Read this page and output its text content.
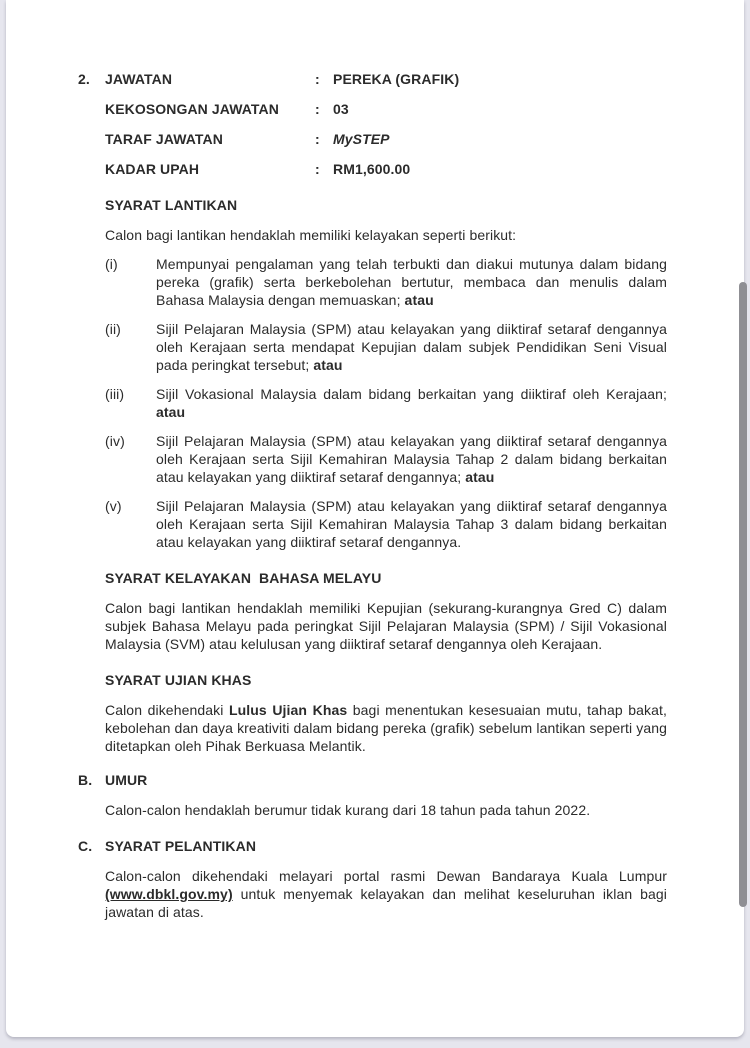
2.	JAWATAN	: PEREKA (GRAFIK)
KEKOSONGAN JAWATAN	: 03
TARAF JAWATAN	: MySTEP
KADAR UPAH	: RM1,600.00

SYARAT LANTIKAN

Calon bagi lantikan hendaklah memiliki kelayakan seperti berikut:

(i)	Mempunyai pengalaman yang telah terbukti dan diakui mutunya dalam bidang pereka (grafik) serta berkebolehan bertutur, membaca dan menulis dalam Bahasa Malaysia dengan memuaskan; atau
(ii)	Sijil Pelajaran Malaysia (SPM) atau kelayakan yang diiktiraf setaraf dengannya oleh Kerajaan serta mendapat Kepujian dalam subjek Pendidikan Seni Visual pada peringkat tersebut; atau
(iii)	Sijil Vokasional Malaysia dalam bidang berkaitan yang diiktiraf oleh Kerajaan; atau
(iv)	Sijil Pelajaran Malaysia (SPM) atau kelayakan yang diiktiraf setaraf dengannya oleh Kerajaan serta Sijil Kemahiran Malaysia Tahap 2 dalam bidang berkaitan atau kelayakan yang diiktiraf setaraf dengannya; atau
(v)	Sijil Pelajaran Malaysia (SPM) atau kelayakan yang diiktiraf setaraf dengannya oleh Kerajaan serta Sijil Kemahiran Malaysia Tahap 3 dalam bidang berkaitan atau kelayakan yang diiktiraf setaraf dengannya.

SYARAT KELAYAKAN  BAHASA MELAYU

Calon bagi lantikan hendaklah memiliki Kepujian (sekurang-kurangnya Gred C) dalam subjek Bahasa Melayu pada peringkat Sijil Pelajaran Malaysia (SPM) / Sijil Vokasional Malaysia (SVM) atau kelulusan yang diiktiraf setaraf dengannya oleh Kerajaan.

SYARAT UJIAN KHAS

Calon dikehendaki Lulus Ujian Khas bagi menentukan kesesuaian mutu, tahap bakat, kebolehan dan daya kreativiti dalam bidang pereka (grafik) sebelum lantikan seperti yang ditetapkan oleh Pihak Berkuasa Melantik.

B. UMUR

Calon-calon hendaklah berumur tidak kurang dari 18 tahun pada tahun 2022.

C. SYARAT PELANTIKAN

Calon-calon dikehendaki melayari portal rasmi Dewan Bandaraya Kuala Lumpur (www.dbkl.gov.my) untuk menyemak kelayakan dan melihat keseluruhan iklan bagi jawatan di atas.
